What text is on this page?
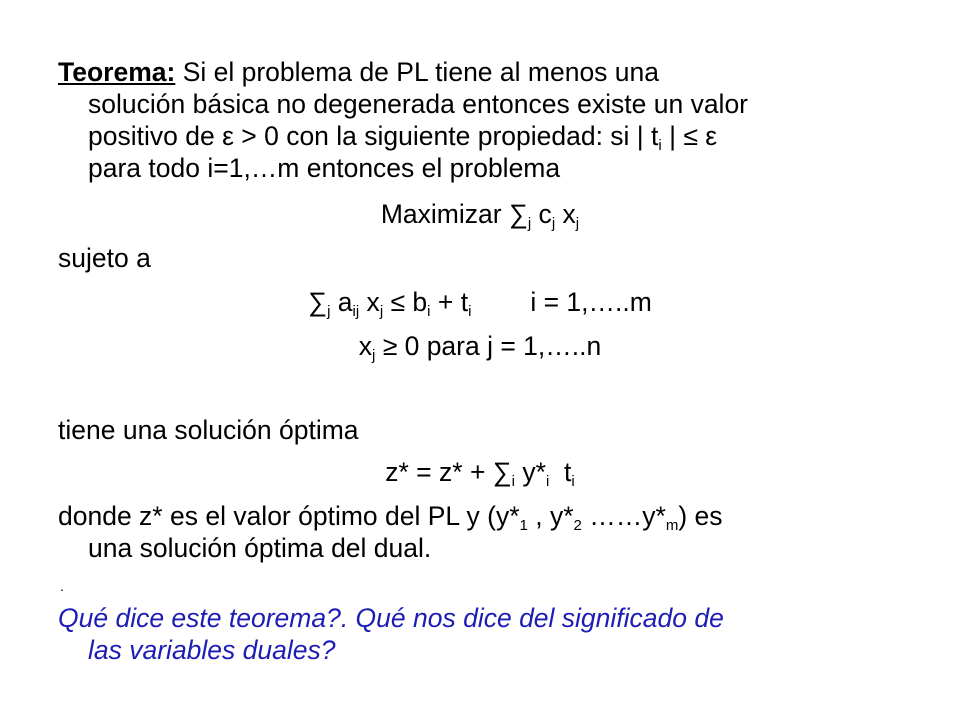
Teorema: Si el problema de PL tiene al menos una
solución básica no degenerada entonces existe un valor
positivo de ε > 0 con la siguiente propiedad: si | $t_i$ | ≤ ε
para todo i=1,…m entonces el problema
Maximizar $\sum_j$ $c_j$ $x_j$
sujeto a
$\sum_j$ $a_{ij}$ $x_j \le b_i + t_i$        i = 1,…..m
$x_j \ge 0$ para j = 1,…..n
tiene una solución óptima
$z* = z* + \sum_i$ $y*_i$  $t_i$
donde z* es el valor óptimo del PL y ($y*_1$ , $y*_2$ $\dots\dots y*_m$) es
una solución óptima del dual.
.
Qué dice este teorema?. Qué nos dice del significado de
las variables duales?
